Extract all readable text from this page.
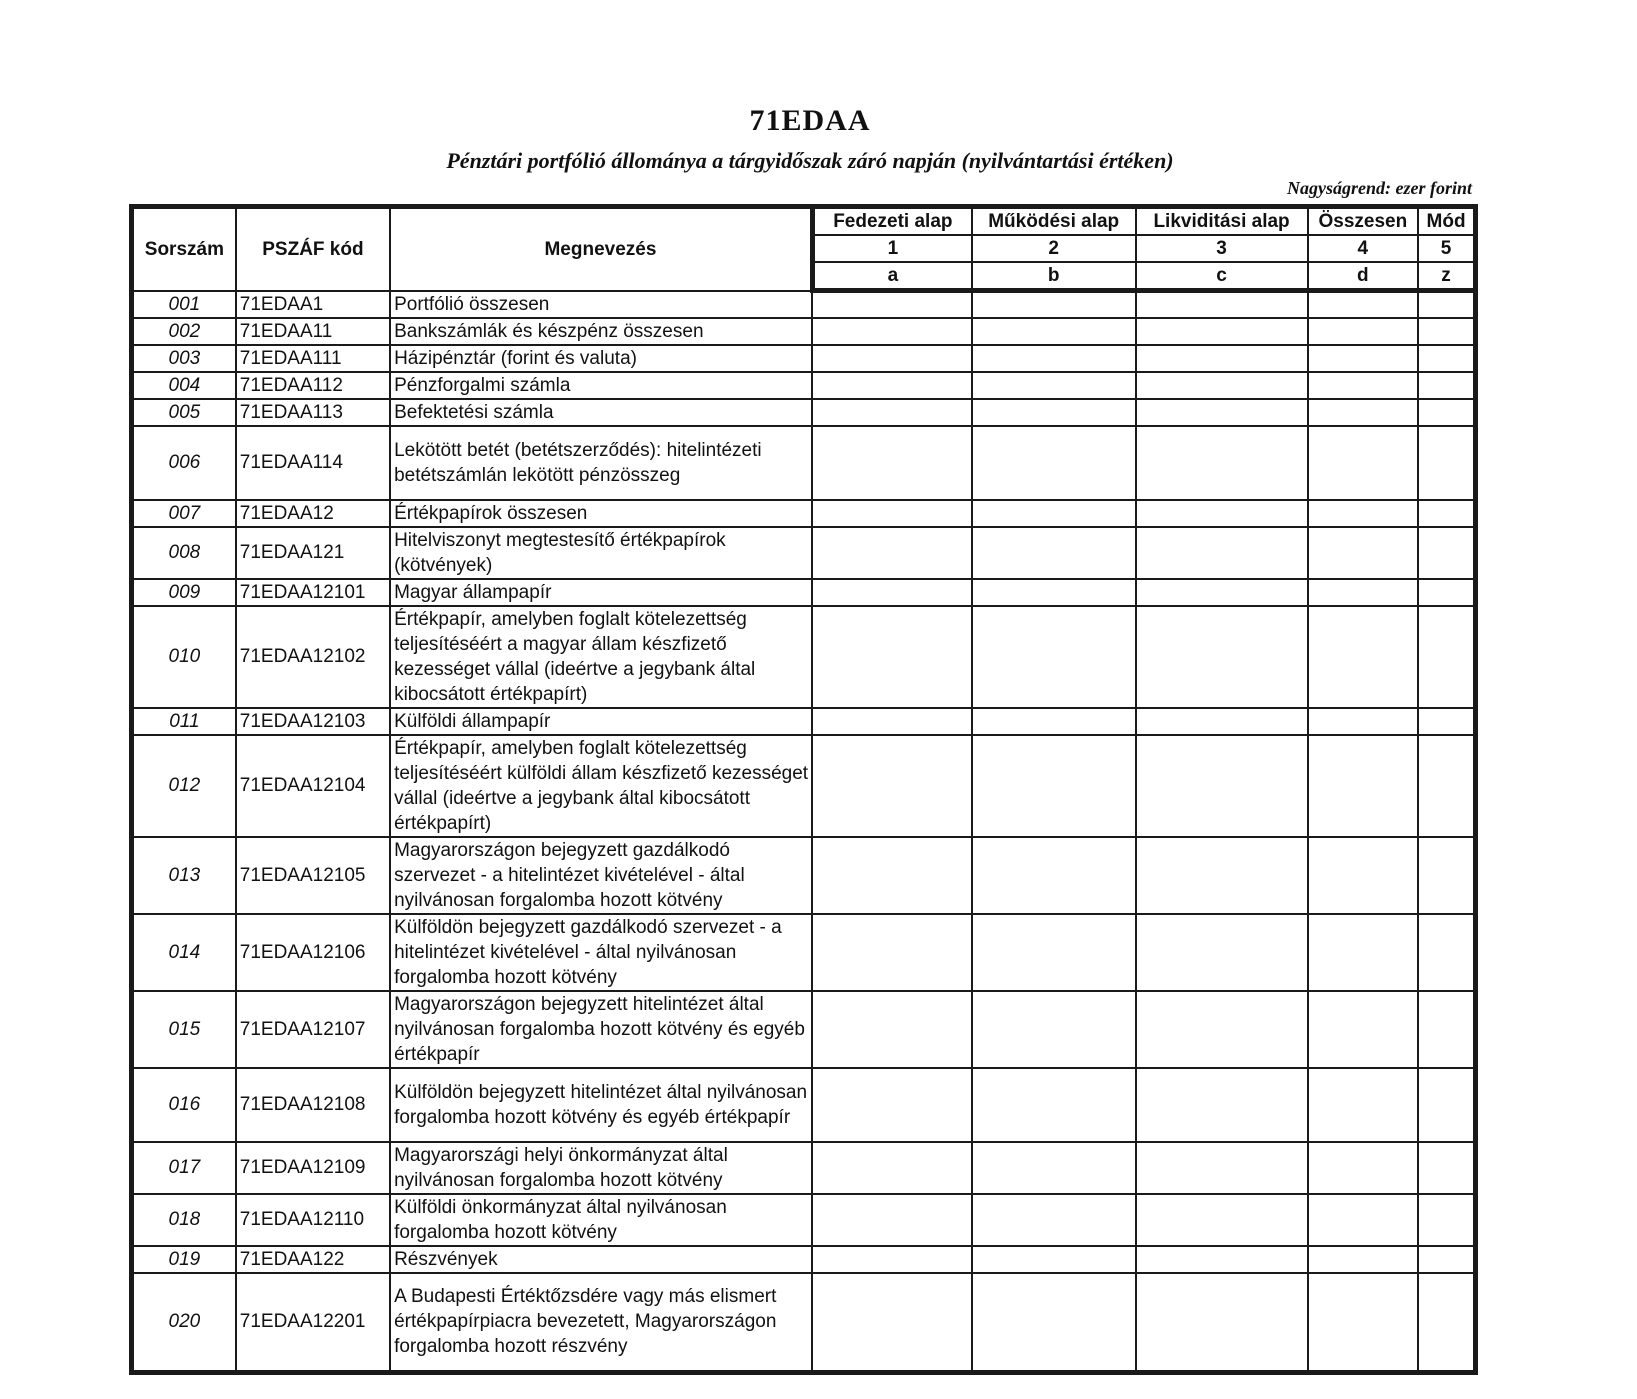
71EDAA
Pénztári portfólió állománya a tárgyidőszak záró napján (nyilvántartási értéken)
Nagyságrend: ezer forint
Sorszám	PSZÁF kód	Megnevezés	Fedezeti alap	Működési alap	Likviditási alap	Összesen	Mód
			1	2	3	4	5
			a	b	c	d	z
001	71EDAA1	Portfólió összesen					
002	71EDAA11	Bankszámlák és készpénz összesen					
003	71EDAA111	Házipénztár (forint és valuta)					
004	71EDAA112	Pénzforgalmi számla					
005	71EDAA113	Befektetési számla					
006	71EDAA114	Lekötött betét (betétszerződés): hitelintézeti betétszámlán lekötött pénzösszeg					
007	71EDAA12	Értékpapírok összesen					
008	71EDAA121	Hitelviszonyt megtestesítő értékpapírok (kötvények)					
009	71EDAA12101	Magyar állampapír					
010	71EDAA12102	Értékpapír, amelyben foglalt kötelezettség teljesítéséért a magyar állam készfizető kezességet vállal (ideértve a jegybank által kibocsátott értékpapírt)					
011	71EDAA12103	Külföldi állampapír					
012	71EDAA12104	Értékpapír, amelyben foglalt kötelezettség teljesítéséért külföldi állam készfizető kezességet vállal (ideértve a jegybank által kibocsátott értékpapírt)					
013	71EDAA12105	Magyarországon bejegyzett gazdálkodó szervezet - a hitelintézet kivételével - által nyilvánosan forgalomba hozott kötvény					
014	71EDAA12106	Külföldön bejegyzett gazdálkodó szervezet - a hitelintézet kivételével - által nyilvánosan forgalomba hozott kötvény					
015	71EDAA12107	Magyarországon bejegyzett hitelintézet által nyilvánosan forgalomba hozott kötvény és egyéb értékpapír					
016	71EDAA12108	Külföldön bejegyzett hitelintézet által nyilvánosan forgalomba hozott kötvény és egyéb értékpapír					
017	71EDAA12109	Magyarországi helyi önkormányzat által nyilvánosan forgalomba hozott kötvény					
018	71EDAA12110	Külföldi önkormányzat által nyilvánosan forgalomba hozott kötvény					
019	71EDAA122	Részvények					
020	71EDAA12201	A Budapesti Értéktőzsdére vagy más elismert értékpapírpiacra bevezetett, Magyarországon forgalomba hozott részvény					
